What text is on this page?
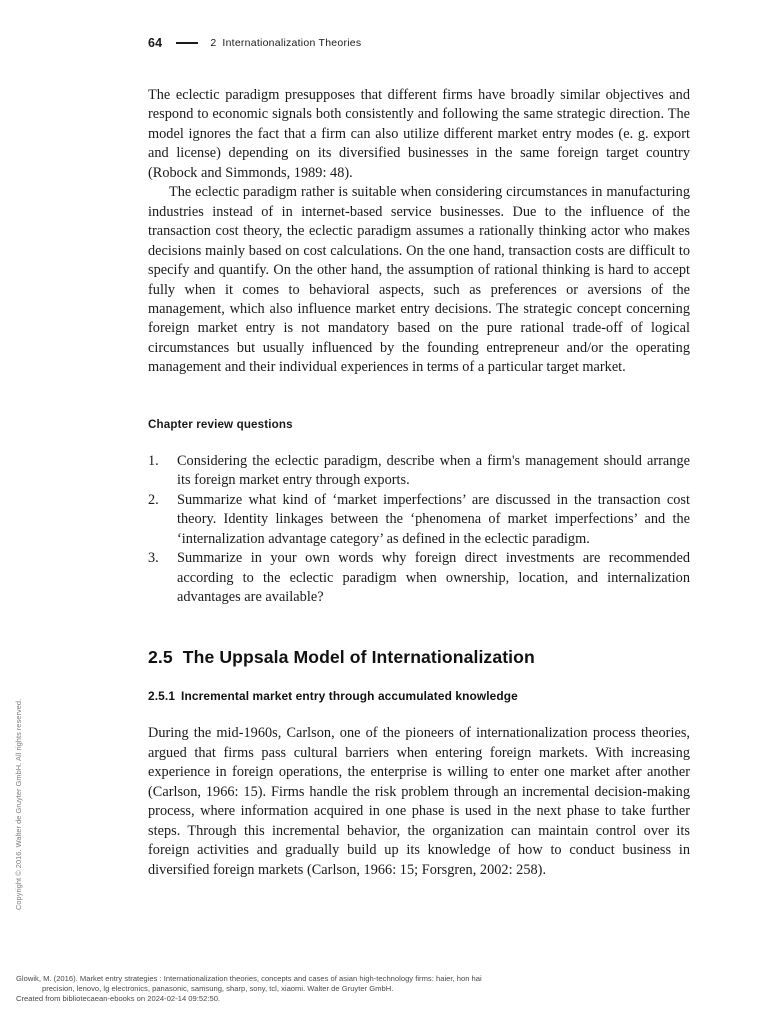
64	2 Internationalization Theories

The eclectic paradigm presupposes that different firms have broadly similar objectives and respond to economic signals both consistently and following the same strategic direction. The model ignores the fact that a firm can also utilize different market entry modes (e. g. export and license) depending on its diversified businesses in the same foreign target country (Robock and Simmonds, 1989: 48).

The eclectic paradigm rather is suitable when considering circumstances in manufacturing industries instead of in internet-based service businesses. Due to the influence of the transaction cost theory, the eclectic paradigm assumes a rationally thinking actor who makes decisions mainly based on cost calculations. On the one hand, transaction costs are difficult to specify and quantify. On the other hand, the assumption of rational thinking is hard to accept fully when it comes to behavioral aspects, such as preferences or aversions of the management, which also influence market entry decisions. The strategic concept concerning foreign market entry is not mandatory based on the pure rational trade-off of logical circumstances but usually influenced by the founding entrepreneur and/or the operating management and their individual experiences in terms of a particular target market.

Chapter review questions

1.	Considering the eclectic paradigm, describe when a firm's management should arrange its foreign market entry through exports.
2.	Summarize what kind of ‘market imperfections’ are discussed in the transaction cost theory. Identity linkages between the ‘phenomena of market imperfections’ and the ‘internalization advantage category’ as defined in the eclectic paradigm.
3.	Summarize in your own words why foreign direct investments are recommended according to the eclectic paradigm when ownership, location, and internalization advantages are available?
2.5 The Uppsala Model of Internationalization
2.5.1 Incremental market entry through accumulated knowledge

During the mid-1960s, Carlson, one of the pioneers of internationalization process theories, argued that firms pass cultural barriers when entering foreign markets. With increasing experience in foreign operations, the enterprise is willing to enter one market after another (Carlson, 1966: 15). Firms handle the risk problem through an incremental decision-making process, where information acquired in one phase is used in the next phase to take further steps. Through this incremental behavior, the organization can maintain control over its foreign activities and gradually build up its knowledge of how to conduct business in diversified foreign markets (Carlson, 1966: 15; Forsgren, 2002: 258).

Copyright © 2016. Walter de Gruyter GmbH. All rights reserved.
Glowik, M. (2016). Market entry strategies : Internationalization theories, concepts and cases of asian high-technology firms: haier, hon hai
precision, lenovo, lg electronics, panasonic, samsung, sharp, sony, tcl, xiaomi. Walter de Gruyter GmbH.
Created from bibliotecaean-ebooks on 2024-02-14 09:52:50.
